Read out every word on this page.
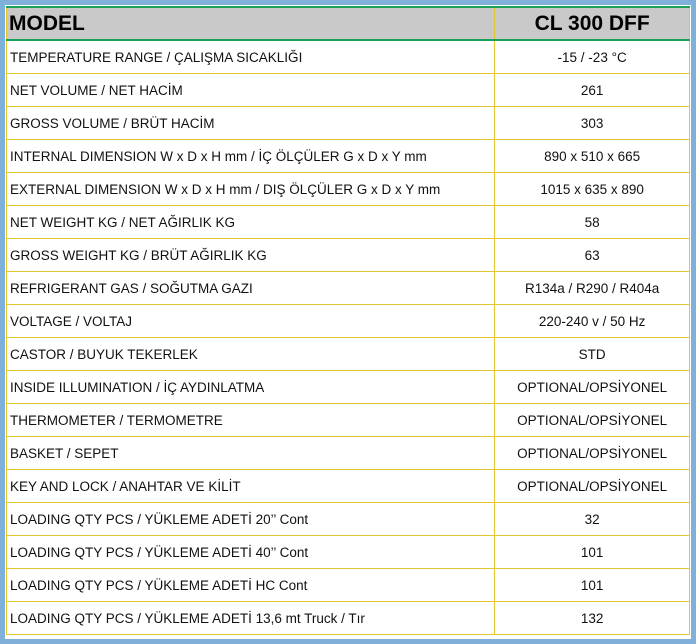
MODEL	CL 300 DFF
TEMPERATURE RANGE / ÇALIŞMA SICAKLIĞI	-15 / -23 °C
NET VOLUME / NET HACİM	261
GROSS VOLUME / BRÜT HACİM	303
INTERNAL DIMENSION W x D x H mm / İÇ ÖLÇÜLER G x D x Y mm	890 x 510 x 665
EXTERNAL DIMENSION W x D x H mm / DIŞ ÖLÇÜLER G x D x Y mm	1015 x 635 x 890
NET WEIGHT KG / NET AĞIRLIK KG	58
GROSS WEIGHT KG / BRÜT AĞIRLIK KG	63
REFRIGERANT GAS / SOĞUTMA GAZI	R134a / R290 / R404a
VOLTAGE / VOLTAJ	220-240 v / 50 Hz
CASTOR / BUYUK TEKERLEK	STD
INSIDE ILLUMINATION / İÇ AYDINLATMA	OPTIONAL/OPSİYONEL
THERMOMETER / TERMOMETRE	OPTIONAL/OPSİYONEL
BASKET / SEPET	OPTIONAL/OPSİYONEL
KEY AND LOCK / ANAHTAR VE KİLİT	OPTIONAL/OPSİYONEL
LOADING QTY PCS / YÜKLEME ADETİ 20’’ Cont	32
LOADING QTY PCS / YÜKLEME ADETİ 40’’ Cont	101
LOADING QTY PCS / YÜKLEME ADETİ HC Cont	101
LOADING QTY PCS / YÜKLEME ADETİ 13,6 mt Truck / Tır	132
